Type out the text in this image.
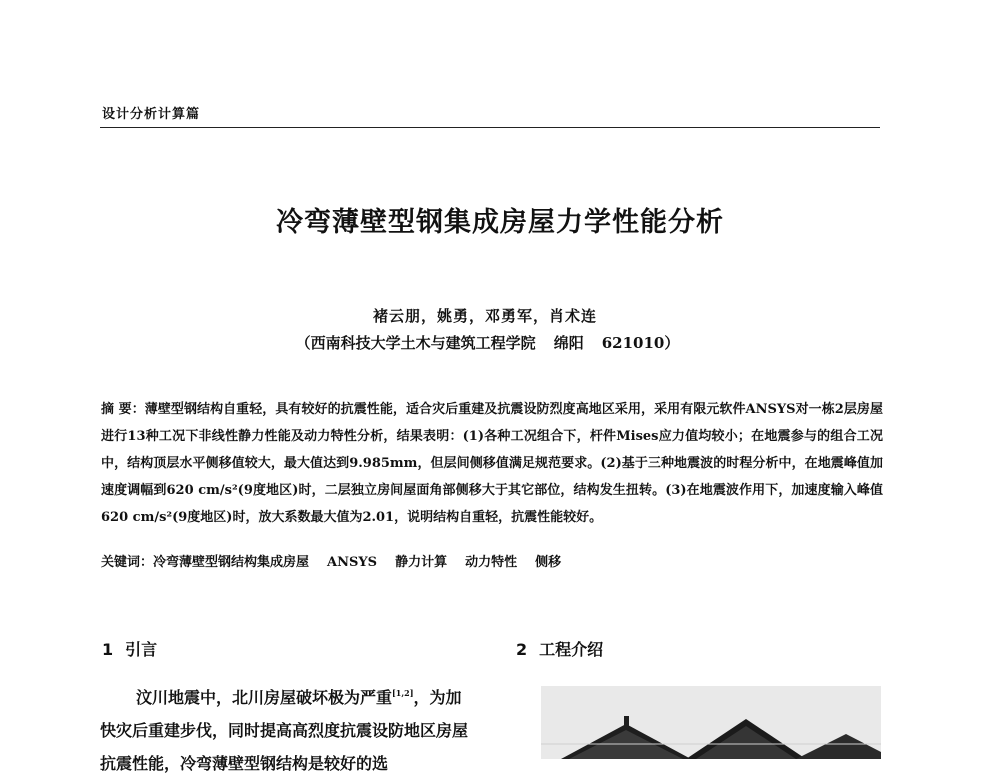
设计分析计算篇
冷弯薄壁型钢集成房屋力学性能分析
褚云朋，姚勇，邓勇军，肖术连
（西南科技大学土木与建筑工程学院 绵阳 621010）
摘 要：薄壁型钢结构自重轻，具有较好的抗震性能，适合灾后重建及抗震设防烈度高地区采用，采用有限元软件ANSYS对一栋2层房屋进行13种工况下非线性静力性能及动力特性分析，结果表明：(1)各种工况组合下，杆件Mises应力值均较小；在地震参与的组合工况中，结构顶层水平侧移值较大，最大值达到9.985mm，但层间侧移值满足规范要求。(2)基于三种地震波的时程分析中，在地震峰值加速度调幅到620 cm/s²(9度地区)时，二层独立房间屋面角部侧移大于其它部位，结构发生扭转。(3)在地震波作用下，加速度输入峰值620 cm/s²(9度地区)时，放大系数最大值为2.01，说明结构自重轻，抗震性能较好。
关键词：冷弯薄壁型钢结构集成房屋 ANSYS 静力计算 动力特性 侧移
1 引言	2 工程介绍
汶川地震中，北川房屋破坏极为严重[1,2]，为加快灾后重建步伐，同时提高高烈度抗震设防地区房屋抗震性能，冷弯薄壁型钢结构是较好的选
